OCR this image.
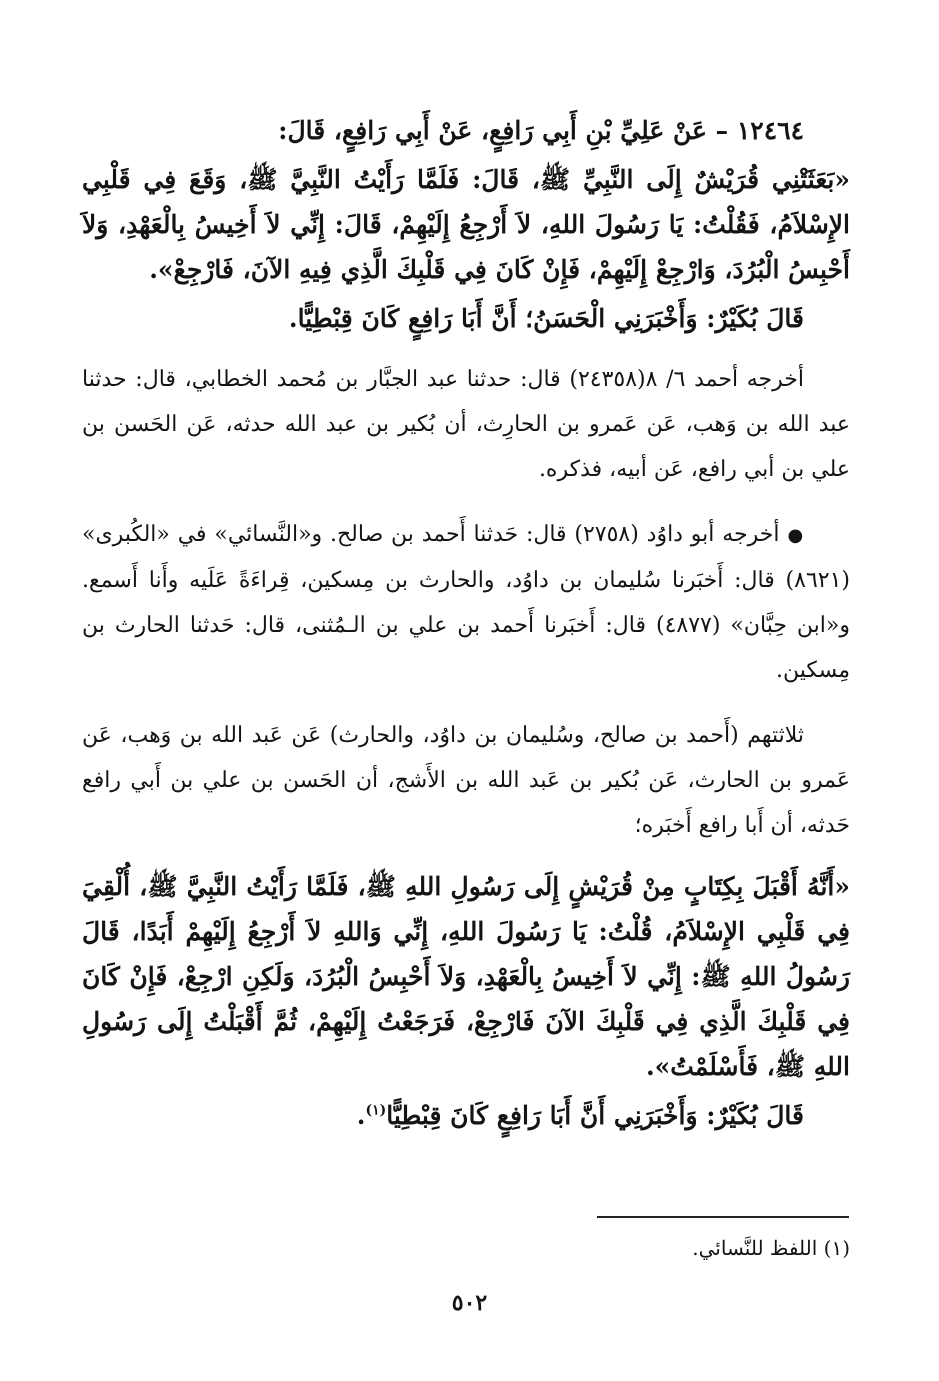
١٢٤٦٤ – عَنْ عَلِيِّ بْنِ أَبِي رَافِعٍ، عَنْ أَبِي رَافِعٍ، قَالَ:

«بَعَثَتْنِي قُرَيْشٌ إِلَى النَّبِيِّ ﷺ، قَالَ: فَلَمَّا رَأَيْتُ النَّبِيَّ ﷺ، وَقَعَ فِي قَلْبِي الإِسْلاَمُ، فَقُلْتُ: يَا رَسُولَ اللهِ، لاَ أَرْجِعُ إِلَيْهِمْ، قَالَ: إِنِّي لاَ أَخِيسُ بِالْعَهْدِ، وَلاَ أَحْبِسُ الْبُرُدَ، وَارْجِعْ إِلَيْهِمْ، فَإِنْ كَانَ فِي قَلْبِكَ الَّذِي فِيهِ الآنَ، فَارْجِعْ».

قَالَ بُكَيْرٌ: وَأَخْبَرَنِي الْحَسَنُ؛ أَنَّ أَبَا رَافِعٍ كَانَ قِبْطِيًّا.

أخرجه أحمد ٦/ ٨(٢٤٣٥٨) قال: حدثنا عبد الجبَّار بن مُحمد الخطابي، قال: حدثنا عبد الله بن وَهب، عَن عَمرو بن الحارِث، أن بُكير بن عبد الله حدثه، عَن الحَسن بن علي بن أبي رافع، عَن أبيه، فذكره.

●أخرجه أبو داوُد (٢٧٥٨) قال: حَدثنا أَحمد بن صالح. و«النَّسائي» في «الكُبرى» (٨٦٢١) قال: أَخبَرنا سُليمان بن داوُد، والحارث بن مِسكين، قِراءَةً عَلَيه وأَنا أَسمع. و«ابن حِبَّان» (٤٨٧٧) قال: أَخبَرنا أَحمد بن علي بن الـمُثنى، قال: حَدثنا الحارث بن مِسكين.

ثلاثتهم (أَحمد بن صالح، وسُليمان بن داوُد، والحارث) عَن عَبد الله بن وَهب، عَن عَمرو بن الحارث، عَن بُكير بن عَبد الله بن الأَشج، أن الحَسن بن علي بن أَبي رافع حَدثه، أن أَبا رافع أَخبَره؛

«أَنَّهُ أَقْبَلَ بِكِتَابٍ مِنْ قُرَيْشٍ إِلَى رَسُولِ اللهِ ﷺ، فَلَمَّا رَأَيْتُ النَّبِيَّ ﷺ، أُلْقِيَ فِي قَلْبِي الإِسْلاَمُ، قُلْتُ: يَا رَسُولَ اللهِ، إِنِّي وَاللهِ لاَ أَرْجِعُ إِلَيْهِمْ أَبَدًا، قَالَ رَسُولُ اللهِ ﷺ: إِنِّي لاَ أَخِيسُ بِالْعَهْدِ، وَلاَ أَحْبِسُ الْبُرُدَ، وَلَكِنِ ارْجِعْ، فَإِنْ كَانَ فِي قَلْبِكَ الَّذِي فِي قَلْبِكَ الآنَ فَارْجِعْ، فَرَجَعْتُ إِلَيْهِمْ، ثُمَّ أَقْبَلْتُ إِلَى رَسُولِ اللهِ ﷺ، فَأَسْلَمْتُ».

قَالَ بُكَيْرٌ: وَأَخْبَرَنِي أَنَّ أَبَا رَافِعٍ كَانَ قِبْطِيًّا$^{(١)}$.

(١) اللفظ للنَّسائي.
٥٠٢
